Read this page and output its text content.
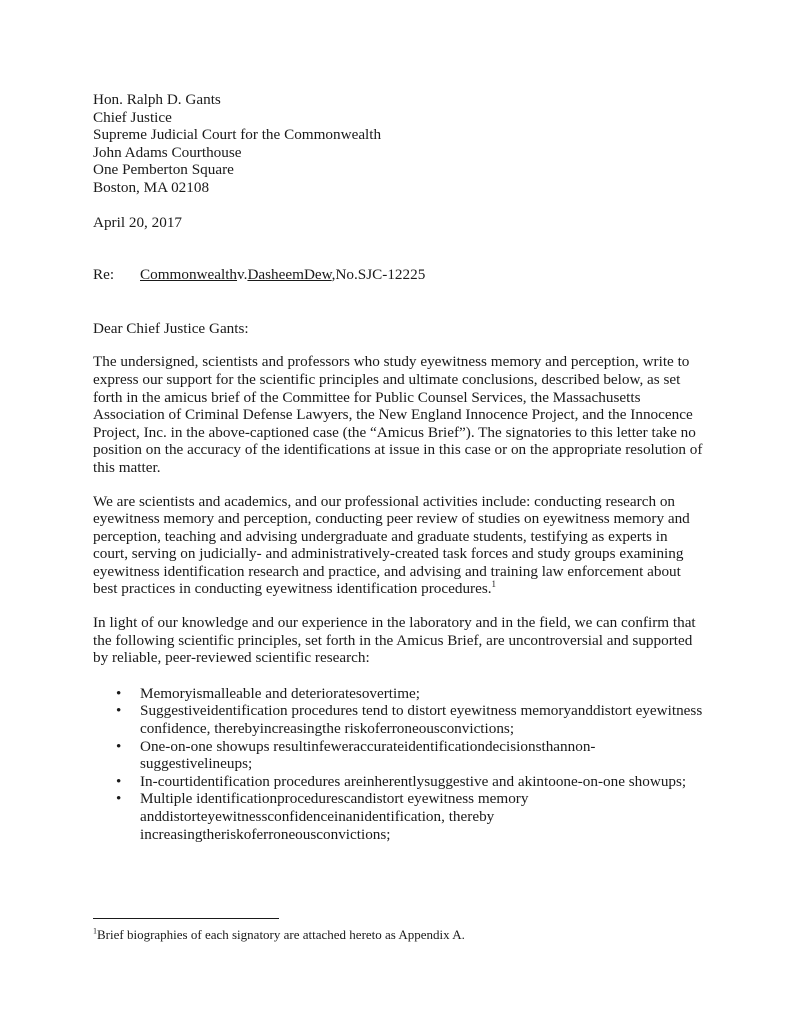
Hon. Ralph D. Gants
Chief Justice
Supreme Judicial Court for the Commonwealth
John Adams Courthouse
One Pemberton Square
Boston, MA 02108
April 20, 2017
Re:	Commonwealthv.DasheemDew,No.SJC-12225
Dear Chief Justice Gants:

The undersigned, scientists and professors who study eyewitness memory and perception, write to express our support for the scientific principles and ultimate conclusions, described below, as set forth in the amicus brief of the Committee for Public Counsel Services, the Massachusetts Association of Criminal Defense Lawyers, the New England Innocence Project, and the Innocence Project, Inc. in the above-captioned case (the “Amicus Brief”). The signatories to this letter take no position on the accuracy of the identifications at issue in this case or on the appropriate resolution of this matter.

We are scientists and academics, and our professional activities include: conducting research on eyewitness memory and perception, conducting peer review of studies on eyewitness memory and perception, teaching and advising undergraduate and graduate students, testifying as experts in court, serving on judicially- and administratively-created task forces and study groups examining eyewitness identification research and practice, and advising and training law enforcement about best practices in conducting eyewitness identification procedures.$^1$

In light of our knowledge and our experience in the laboratory and in the field, we can confirm that the following scientific principles, set forth in the Amicus Brief, are uncontroversial and supported by reliable, peer-reviewed scientific research:

• Memoryismalleable and deterioratesovertime;
• Suggestiveidentification procedures tend to distort eyewitness memoryanddistort eyewitness confidence, therebyincreasingthe riskoferroneousconvictions;
• One-on-one showups resultinfeweraccurateidentificationdecisionsthannon-suggestivelineups;
• In-courtidentification procedures areinherentlysuggestive and akintoone-on-one showups;
• Multiple identificationprocedurescandistort eyewitness memory anddistorteyewitnessconfidenceinanidentification, thereby increasingtheriskoferroneousconvictions;
$^1$Brief biographies of each signatory are attached hereto as Appendix A.
